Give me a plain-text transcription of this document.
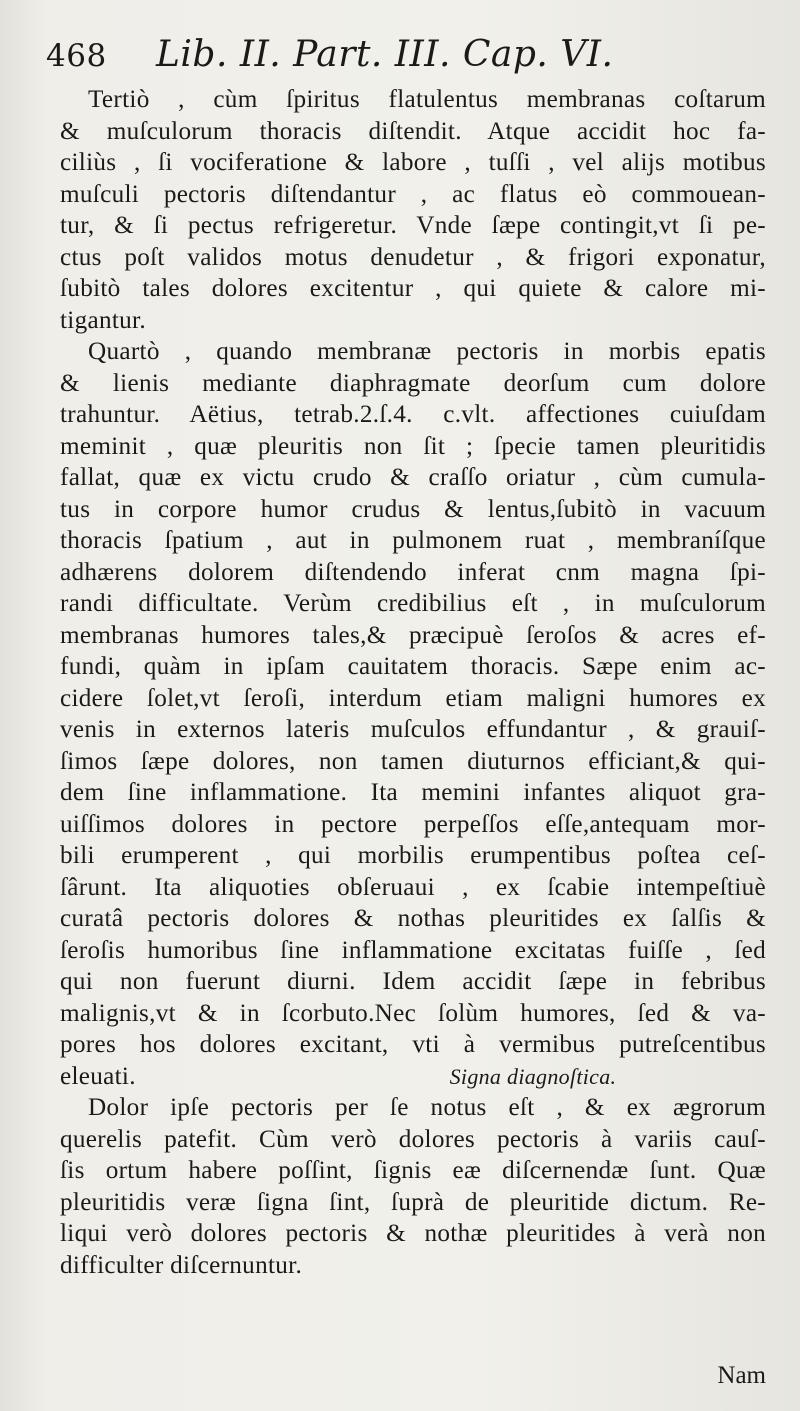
468	Lib. II. Part. III. Cap. VI.

Tertiò , cùm ſpiritus flatulentus membranas coſtarum
& muſculorum thoracis diſtendit. Atque accidit hoc fa-
ciliùs , ſi vociferatione & labore , tuſſi , vel alijs motibus
muſculi pectoris diſtendantur , ac flatus eò commouean-
tur, & ſi pectus refrigeretur. Vnde ſæpe contingit,vt ſi pe-
ctus poſt validos motus denudetur , & frigori exponatur,
ſubitò tales dolores excitentur , qui quiete & calore mi-
tigantur.

Quartò , quando membranæ pectoris in morbis epatis
& lienis mediante diaphragmate deorſum cum dolore
trahuntur. Aëtius, tetrab.2.ſ.4. c.vlt. affectiones cuiuſdam
meminit , quæ pleuritis non ſit ; ſpecie tamen pleuritidis
fallat, quæ ex victu crudo & craſſo oriatur , cùm cumula-
tus in corpore humor crudus & lentus,ſubitò in vacuum
thoracis ſpatium , aut in pulmonem ruat , membraníſque
adhærens dolorem diſtendendo inferat cnm magna ſpi-
randi difficultate. Verùm credibilius eſt , in muſculorum
membranas humores tales,& præcipuè ſeroſos & acres ef-
fundi, quàm in ipſam cauitatem thoracis. Sæpe enim ac-
cidere ſolet,vt ſeroſi, interdum etiam maligni humores ex
venis in externos lateris muſculos effundantur , & grauiſ-
ſimos ſæpe dolores, non tamen diuturnos efficiant,& qui-
dem ſine inflammatione. Ita memini infantes aliquot gra-
uiſſimos dolores in pectore perpeſſos eſſe,antequam mor-
bili erumperent , qui morbilis erumpentibus poſtea ceſ-
ſârunt. Ita aliquoties obſeruaui , ex ſcabie intempeſtiuè
curatâ pectoris dolores & nothas pleuritides ex ſalſis &
ſeroſis humoribus ſine inflammatione excitatas fuiſſe , ſed
qui non fuerunt diurni. Idem accidit ſæpe in febribus
malignis,vt & in ſcorbuto.Nec ſolùm humores, ſed & va-
pores hos dolores excitant, vti à vermibus putreſcentibus
eleuati.	Signa diagnoſtica.

Dolor ipſe pectoris per ſe notus eſt , & ex ægrorum
querelis patefit. Cùm verò dolores pectoris à variis cauſ-
ſis ortum habere poſſint, ſignis eæ diſcernendæ ſunt. Quæ
pleuritidis veræ ſigna ſint, ſuprà de pleuritide dictum. Re-
liqui verò dolores pectoris & nothæ pleuritides à verà non
difficulter diſcernuntur.

Nam
